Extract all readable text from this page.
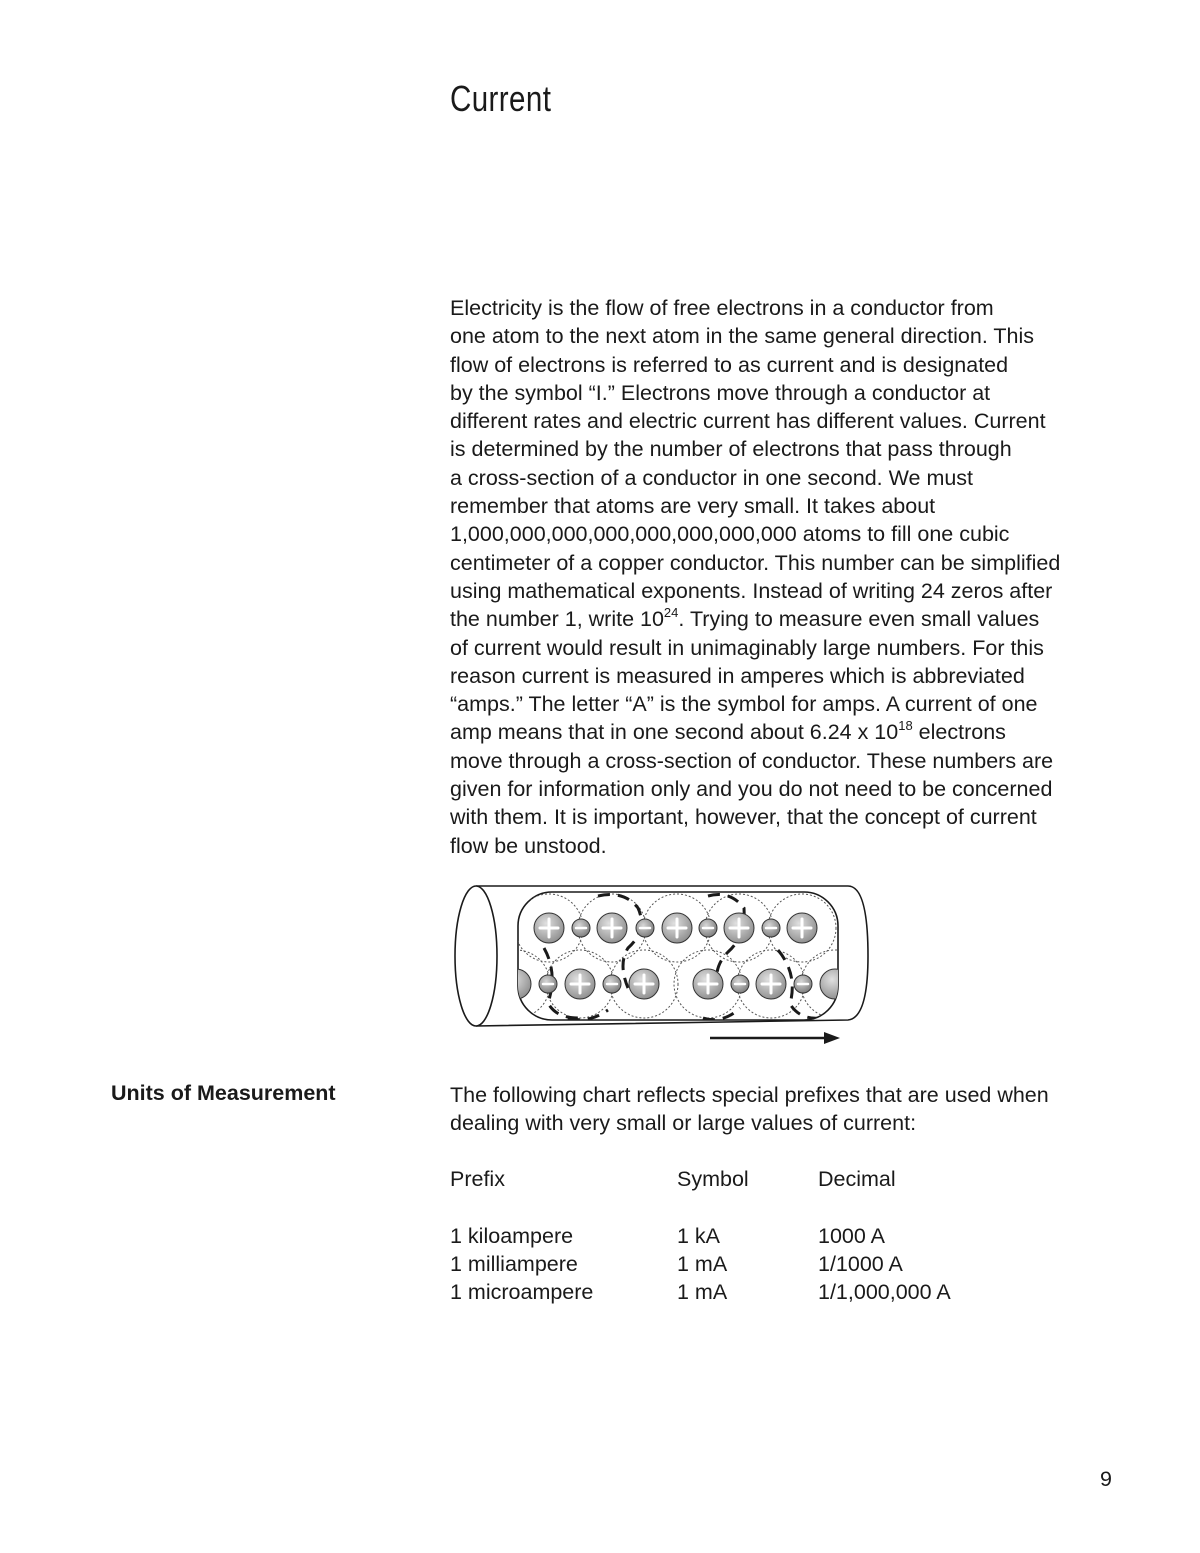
Current
Electricity is the flow of free electrons in a conductor from
one atom to the next atom in the same general direction. This
flow of electrons is referred to as current and is designated
by the symbol “I.” Electrons move through a conductor at
different rates and electric current has different values. Current
is determined by the number of electrons that pass through
a cross-section of a conductor in one second. We must
remember that atoms are very small. It takes about
1,000,000,000,000,000,000,000,000 atoms to fill one cubic
centimeter of a copper conductor. This number can be simplified
using mathematical exponents. Instead of writing 24 zeros after
the number 1, write $10^{24}$. Trying to measure even small values
of current would result in unimaginably large numbers. For this
reason current is measured in amperes which is abbreviated
“amps.” The letter “A” is the symbol for amps. A current of one
amp means that in one second about 6.24 x $10^{18}$ electrons
move through a cross-section of conductor. These numbers are
given for information only and you do not need to be concerned
with them. It is important, however, that the concept of current
flow be unstood.
Units of Measurement	The following chart reflects special prefixes that are used when
dealing with very small or large values of current:
Prefix	Symbol	Decimal
1 kiloampere	1 kA	1000 A
1 milliampere	1 mA	1/1000 A
1 microampere	1 mA	1/1,000,000 A
9
